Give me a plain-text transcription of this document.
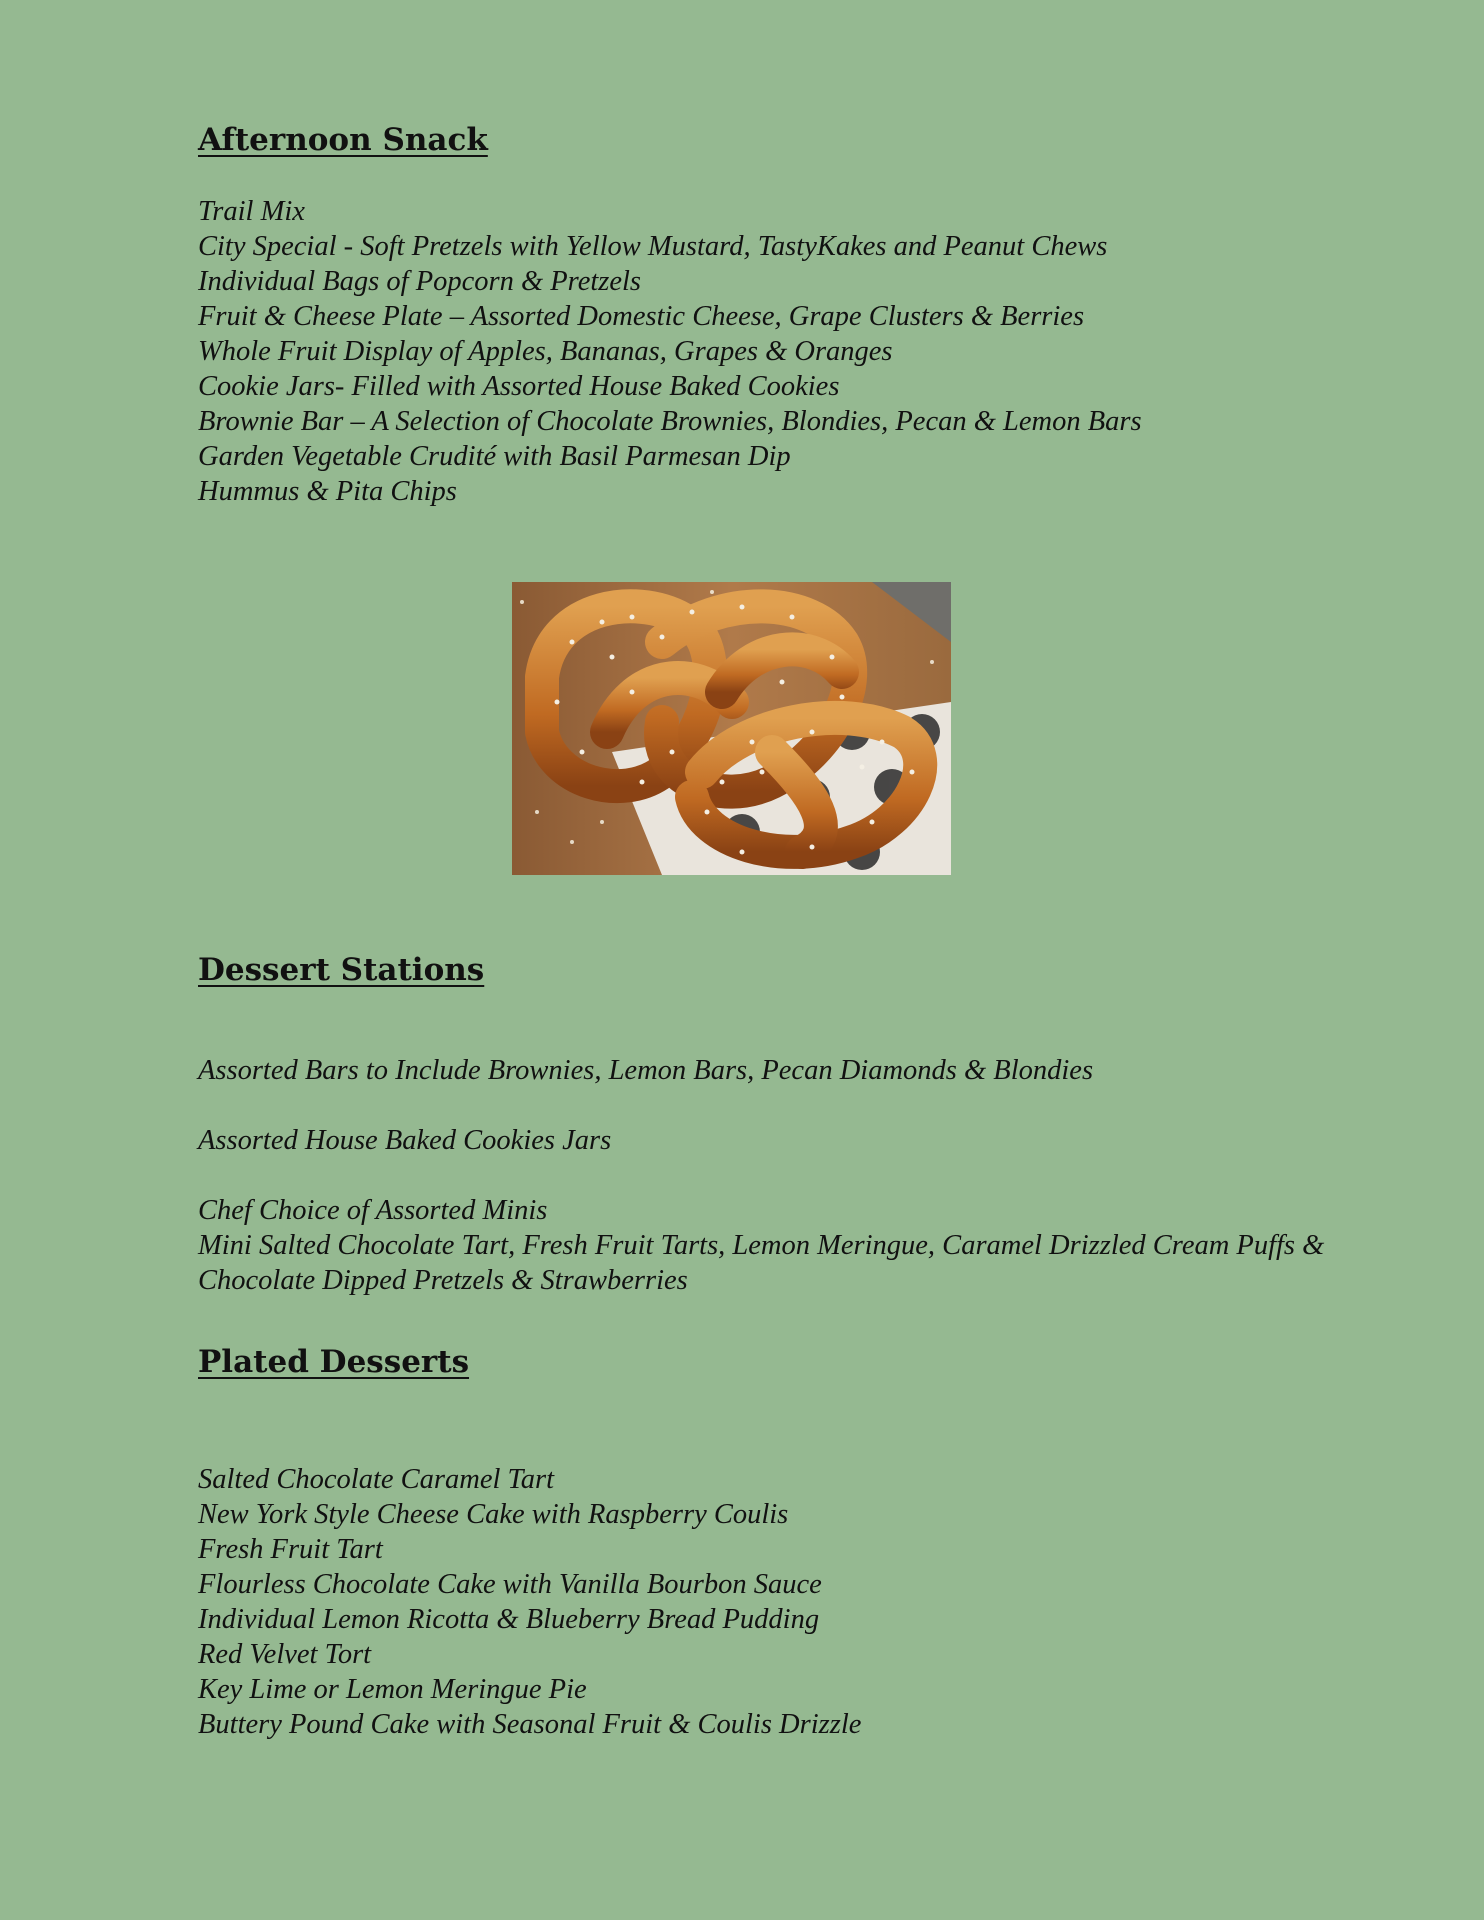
Afternoon Snack
Trail Mix
City Special - Soft Pretzels with Yellow Mustard, TastyKakes and Peanut Chews
Individual Bags of Popcorn & Pretzels
Fruit & Cheese Plate – Assorted Domestic Cheese, Grape Clusters & Berries
Whole Fruit Display of Apples, Bananas, Grapes & Oranges
Cookie Jars- Filled with Assorted House Baked Cookies
Brownie Bar – A Selection of Chocolate Brownies, Blondies, Pecan & Lemon Bars
Garden Vegetable Crudité with Basil Parmesan Dip
Hummus & Pita Chips
Dessert Stations
Assorted Bars to Include Brownies, Lemon Bars, Pecan Diamonds & Blondies
Assorted House Baked Cookies Jars
Chef Choice of Assorted Minis
Mini Salted Chocolate Tart, Fresh Fruit Tarts, Lemon Meringue, Caramel Drizzled Cream Puffs & Chocolate Dipped Pretzels & Strawberries
Plated Desserts
Salted Chocolate Caramel Tart
New York Style Cheese Cake with Raspberry Coulis
Fresh Fruit Tart
Flourless Chocolate Cake with Vanilla Bourbon Sauce
Individual Lemon Ricotta & Blueberry Bread Pudding
Red Velvet Tort
Key Lime or Lemon Meringue Pie
Buttery Pound Cake with Seasonal Fruit & Coulis Drizzle
